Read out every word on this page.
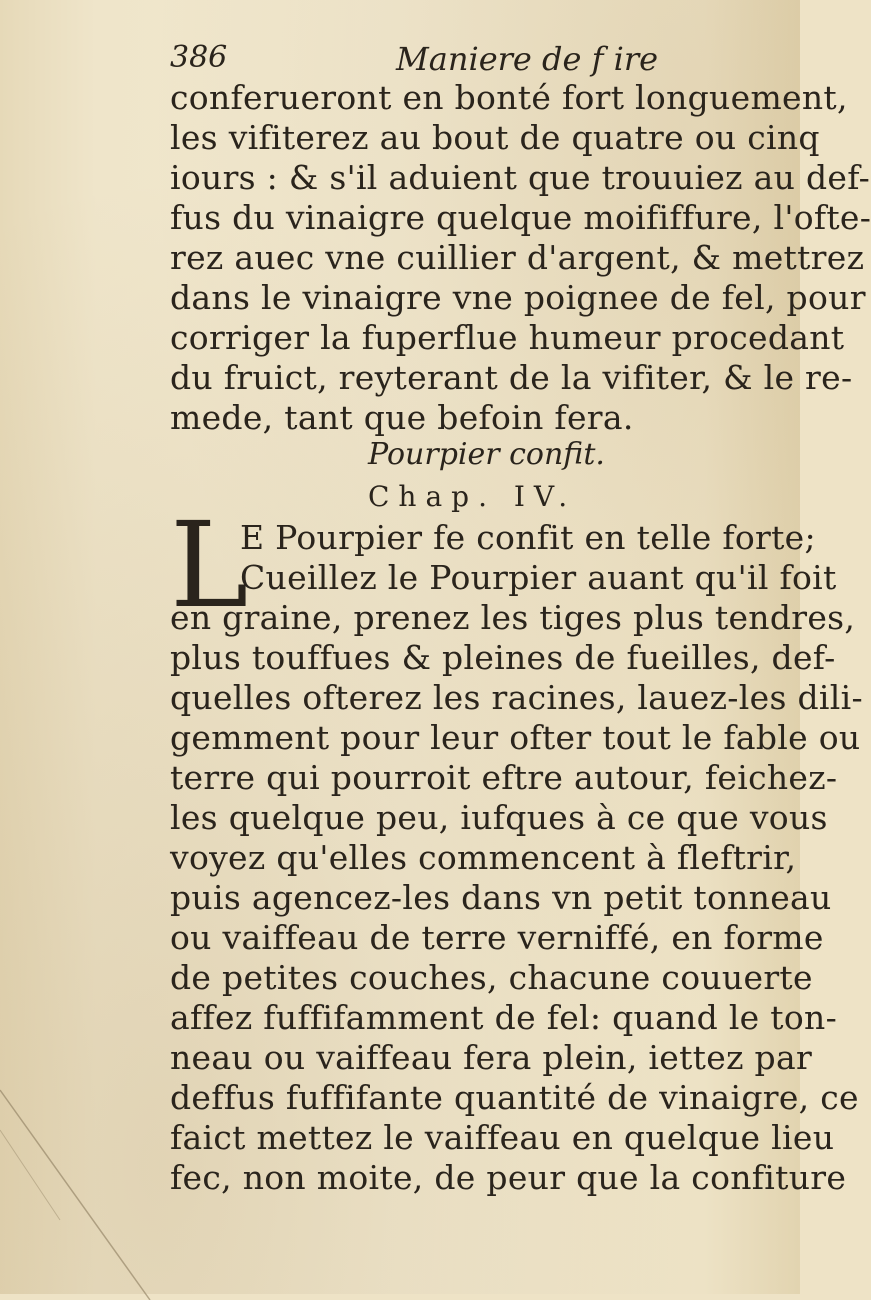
386	Maniere de f ire
conferueront en bonté fort longuement,
les vifiterez au bout de quatre ou cinq
iours : & s'il aduient que trouuiez au def-
fus du vinaigre quelque moififfure, l'ofte-
rez auec vne cuillier d'argent, & mettrez
dans le vinaigre vne poignee de fel, pour
corriger la fuperflue humeur procedant
du fruict, reyterant de la vifiter, & le re-
mede, tant que befoin fera.
Pourpier confit.
Chap. IV.
L
E Pourpier fe confit en telle forte;
Cueillez le Pourpier auant qu'il foit
en graine, prenez les tiges plus tendres,
plus touffues & pleines de fueilles, def-
quelles ofterez les racines, lauez-les dili-
gemment pour leur ofter tout le fable ou
terre qui pourroit eftre autour, feichez-
les quelque peu, iufques à ce que vous
voyez qu'elles commencent à fleftrir,
puis agencez-les dans vn petit tonneau
ou vaiffeau de terre verniffé, en forme
de petites couches, chacune couuerte
affez fuffifamment de fel: quand le ton-
neau ou vaiffeau fera plein, iettez par
deffus fuffifante quantité de vinaigre, ce
faict mettez le vaiffeau en quelque lieu
fec, non moite, de peur que la confiture
